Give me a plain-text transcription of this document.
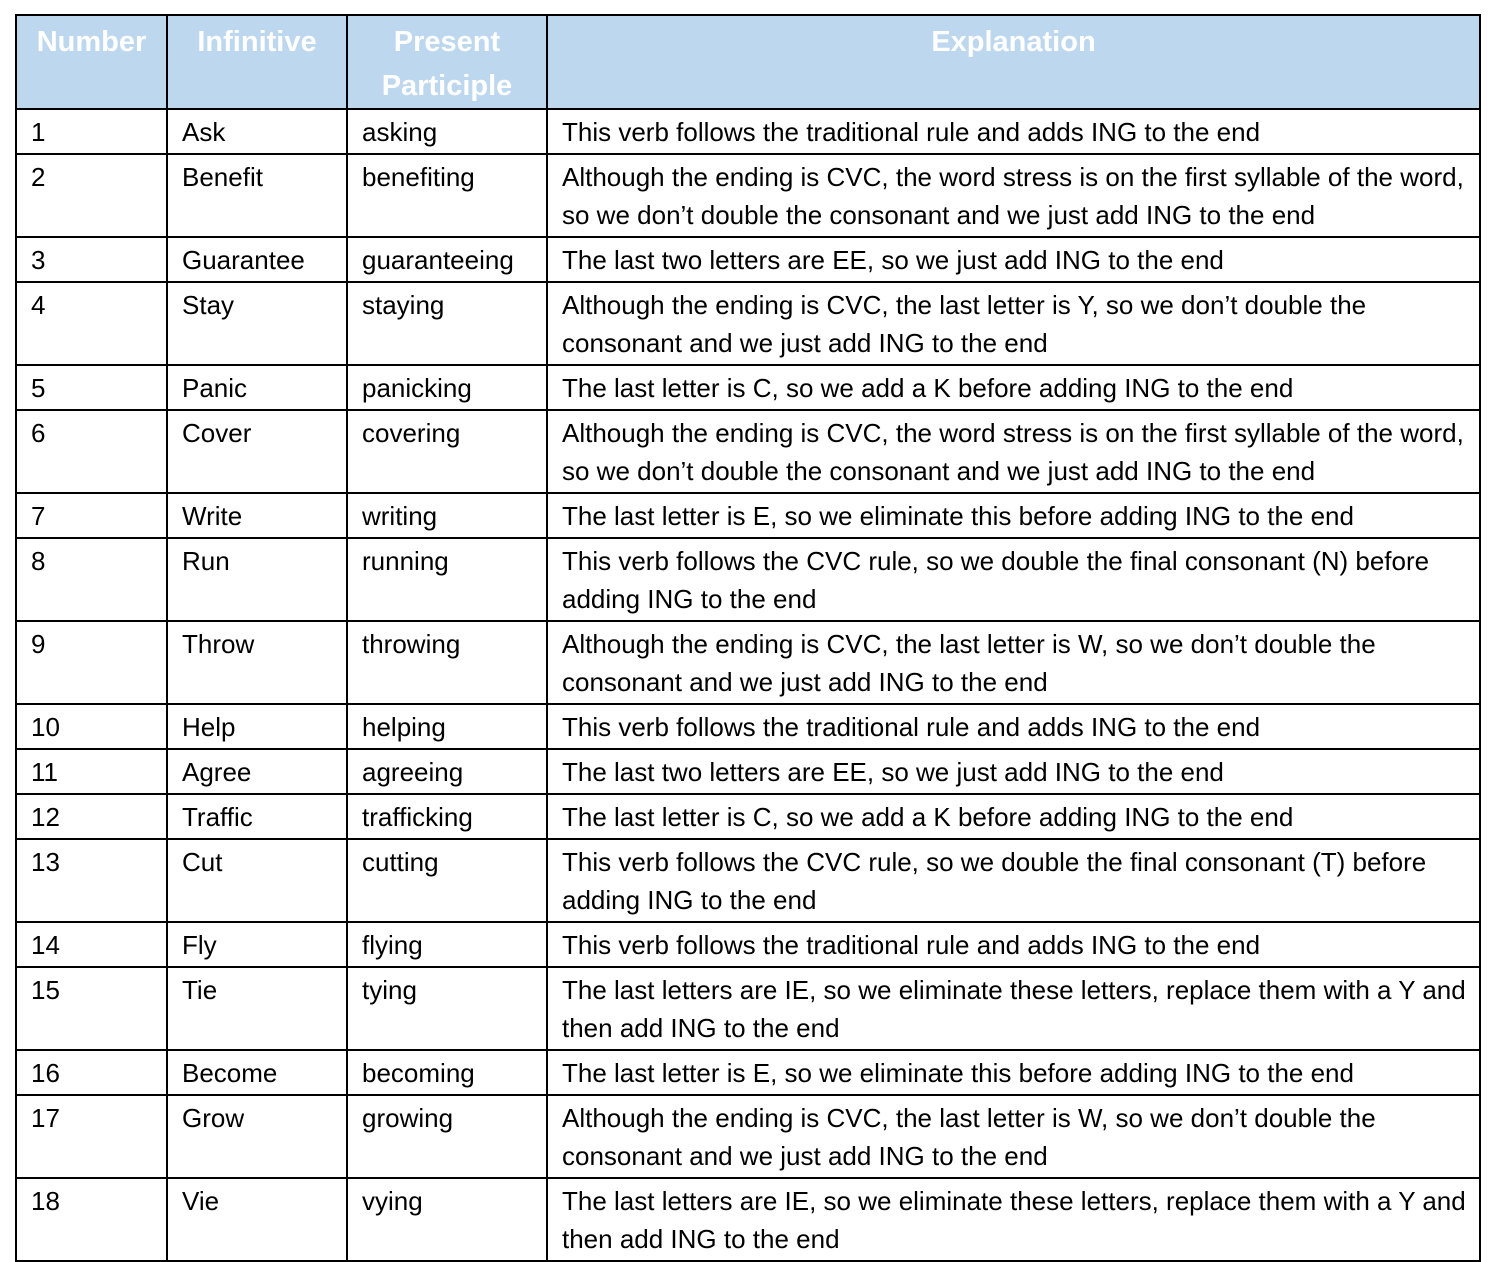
Number	Infinitive	Present Participle	Explanation
1	Ask	asking	This verb follows the traditional rule and adds ING to the end
2	Benefit	benefiting	Although the ending is CVC, the word stress is on the first syllable of the word, so we don’t double the consonant and we just add ING to the end
3	Guarantee	guaranteeing	The last two letters are EE, so we just add ING to the end
4	Stay	staying	Although the ending is CVC, the last letter is Y, so we don’t double the consonant and we just add ING to the end
5	Panic	panicking	The last letter is C, so we add a K before adding ING to the end
6	Cover	covering	Although the ending is CVC, the word stress is on the first syllable of the word, so we don’t double the consonant and we just add ING to the end
7	Write	writing	The last letter is E, so we eliminate this before adding ING to the end
8	Run	running	This verb follows the CVC rule, so we double the final consonant (N) before adding ING to the end
9	Throw	throwing	Although the ending is CVC, the last letter is W, so we don’t double the consonant and we just add ING to the end
10	Help	helping	This verb follows the traditional rule and adds ING to the end
11	Agree	agreeing	The last two letters are EE, so we just add ING to the end
12	Traffic	trafficking	The last letter is C, so we add a K before adding ING to the end
13	Cut	cutting	This verb follows the CVC rule, so we double the final consonant (T) before adding ING to the end
14	Fly	flying	This verb follows the traditional rule and adds ING to the end
15	Tie	tying	The last letters are IE, so we eliminate these letters, replace them with a Y and then add ING to the end
16	Become	becoming	The last letter is E, so we eliminate this before adding ING to the end
17	Grow	growing	Although the ending is CVC, the last letter is W, so we don’t double the consonant and we just add ING to the end
18	Vie	vying	The last letters are IE, so we eliminate these letters, replace them with a Y and then add ING to the end
